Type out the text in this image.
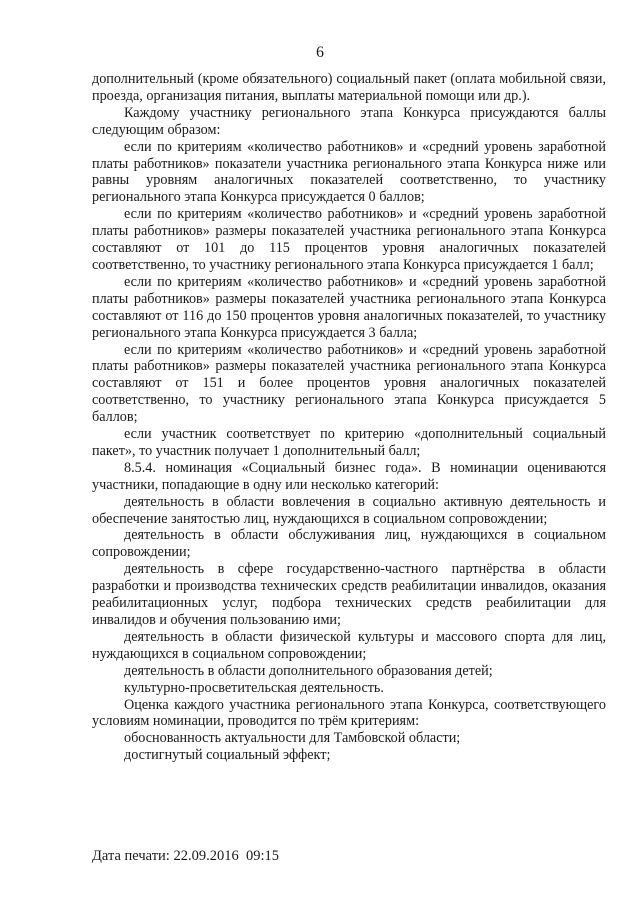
6

дополнительный (кроме обязательного) социальный пакет (оплата мобильной связи, проезда, организация питания, выплаты материальной помощи или др.).

Каждому участнику регионального этапа Конкурса присуждаются баллы следующим образом:

если по критериям «количество работников» и «средний уровень заработной платы работников» показатели участника регионального этапа Конкурса ниже или равны уровням аналогичных показателей соответственно, то участнику регионального этапа Конкурса присуждается 0 баллов;

если по критериям «количество работников» и «средний уровень заработной платы работников» размеры показателей участника регионального этапа Конкурса составляют от 101 до 115 процентов уровня аналогичных показателей соответственно, то участнику регионального этапа Конкурса присуждается 1 балл;

если по критериям «количество работников» и «средний уровень заработной платы работников» размеры показателей участника регионального этапа Конкурса составляют от 116 до 150 процентов уровня аналогичных показателей, то участнику регионального этапа Конкурса присуждается 3 балла;

если по критериям «количество работников» и «средний уровень заработной платы работников» размеры показателей участника регионального этапа Конкурса составляют от 151 и более процентов уровня аналогичных показателей соответственно, то участнику регионального этапа Конкурса присуждается 5 баллов;

если участник соответствует по критерию «дополнительный социальный пакет», то участник получает 1 дополнительный балл;

8.5.4. номинация «Социальный бизнес года». В номинации оцениваются участники, попадающие в одну или несколько категорий:

деятельность в области вовлечения в социально активную деятельность и обеспечение занятостью лиц, нуждающихся в социальном сопровождении;

деятельность в области обслуживания лиц, нуждающихся в социальном сопровождении;

деятельность в сфере государственно-частного партнёрства в области разработки и производства технических средств реабилитации инвалидов, оказания реабилитационных услуг, подбора технических средств реабилитации для инвалидов и обучения пользованию ими;

деятельность в области физической культуры и массового спорта для лиц, нуждающихся в социальном сопровождении;

деятельность в области дополнительного образования детей;

культурно-просветительская деятельность.

Оценка каждого участника регионального этапа Конкурса, соответствующего условиям номинации, проводится по трём критериям:

обоснованность актуальности для Тамбовской области;

достигнутый социальный эффект;

Дата печати: 22.09.2016  09:15
